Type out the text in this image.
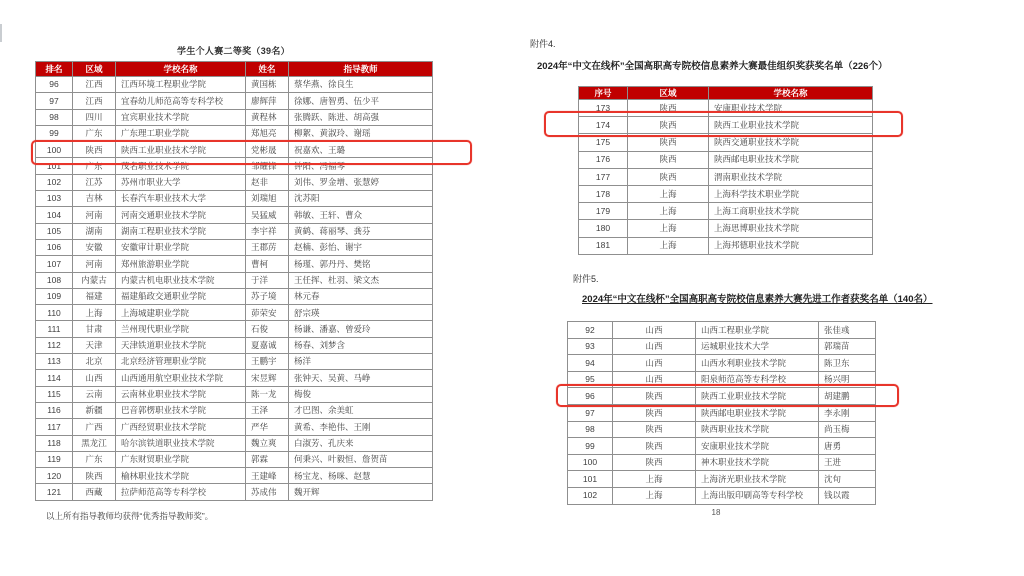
学生个人赛二等奖（39名）
排名	区域	学校名称	姓名	指导教师
96	江西	江西环境工程职业学院	黄国栋	蔡华燕、徐良生
97	江西	宜春幼儿师范高等专科学校	廖辉萍	徐娜、唐智勇、伍少平
98	四川	宜宾职业技术学院	黄程林	张腾跃、陈进、胡高强
99	广东	广东理工职业学院	郑旭亮	柳絮、黄淑玲、谢瑶
100	陕西	陕西工业职业技术学院	党彬晟	祝嘉欢、王璐
101	广东	茂名职业技术学院	邹耀锋	钟阳、冯福琴
102	江苏	苏州市职业大学	赵非	刘伟、罗金增、张慧婷
103	吉林	长春汽车职业技术大学	刘瑞旭	沈苏阳
104	河南	河南交通职业技术学院	吴猛威	韩敏、王轩、曹众
105	湖南	湖南工程职业技术学院	李宇祥	黄鹤、蒋丽琴、龚芬
106	安徽	安徽审计职业学院	王郡苈	赵楠、彭怡、谢宇
107	河南	郑州旅游职业学院	曹柯	杨瑾、郭丹丹、樊铭
108	内蒙古	内蒙古机电职业技术学院	于洋	王任挥、杜羽、梁文杰
109	福建	福建船政交通职业学院	苏子境	林元春
110	上海	上海城建职业学院	茆荣安	舒宗瑛
111	甘肃	兰州现代职业学院	石俊	杨谦、潘嘉、曾爱玲
112	天津	天津铁道职业技术学院	夏嘉诚	杨春、刘梦含
113	北京	北京经济管理职业学院	王鹏宇	杨洋
114	山西	山西通用航空职业技术学院	宋昱辉	张钟天、吴黄、马峥
115	云南	云南林业职业技术学院	陈一龙	梅俊
116	新疆	巴音郭楞职业技术学院	王泽	才巴图、余美虹
117	广西	广西经贸职业技术学院	严华	黄希、李艳伟、王刚
118	黑龙江	哈尔滨铁道职业技术学院	魏立爽	白淑芳、孔庆来
119	广东	广东财贸职业学院	郭霖	何秉兴、叶毅恒、詹贺苗
120	陕西	榆林职业技术学院	王建峰	杨宝龙、杨咪、赵慧
121	西藏	拉萨师范高等专科学校	苏成伟	魏开辉
以上所有指导教师均获得“优秀指导教师奖”。
附件4.
2024年“中文在线杯”全国高职高专院校信息素养大赛最佳组织奖获奖名单（226个）
序号	区域	学校名称
173	陕西	安康职业技术学院
174	陕西	陕西工业职业技术学院
175	陕西	陕西交通职业技术学院
176	陕西	陕西邮电职业技术学院
177	陕西	渭南职业技术学院
178	上海	上海科学技术职业学院
179	上海	上海工商职业技术学院
180	上海	上海思博职业技术学院
181	上海	上海邦德职业技术学院
附件5.
2024年“中文在线杯”全国高职高专院校信息素养大赛先进工作者获奖名单（140名）
92	山西	山西工程职业学院	张佳彧
93	山西	运城职业技术大学	郭瑞苗
94	山西	山西水利职业技术学院	陈卫东
95	山西	阳泉师范高等专科学校	杨兴明
96	陕西	陕西工业职业技术学院	胡建鹏
97	陕西	陕西邮电职业技术学院	李永刚
98	陕西	陕西职业技术学院	尚玉梅
99	陕西	安康职业技术学院	唐勇
100	陕西	神木职业技术学院	王进
101	上海	上海济光职业技术学院	沈旬
102	上海	上海出版印刷高等专科学校	钱以霞
18
